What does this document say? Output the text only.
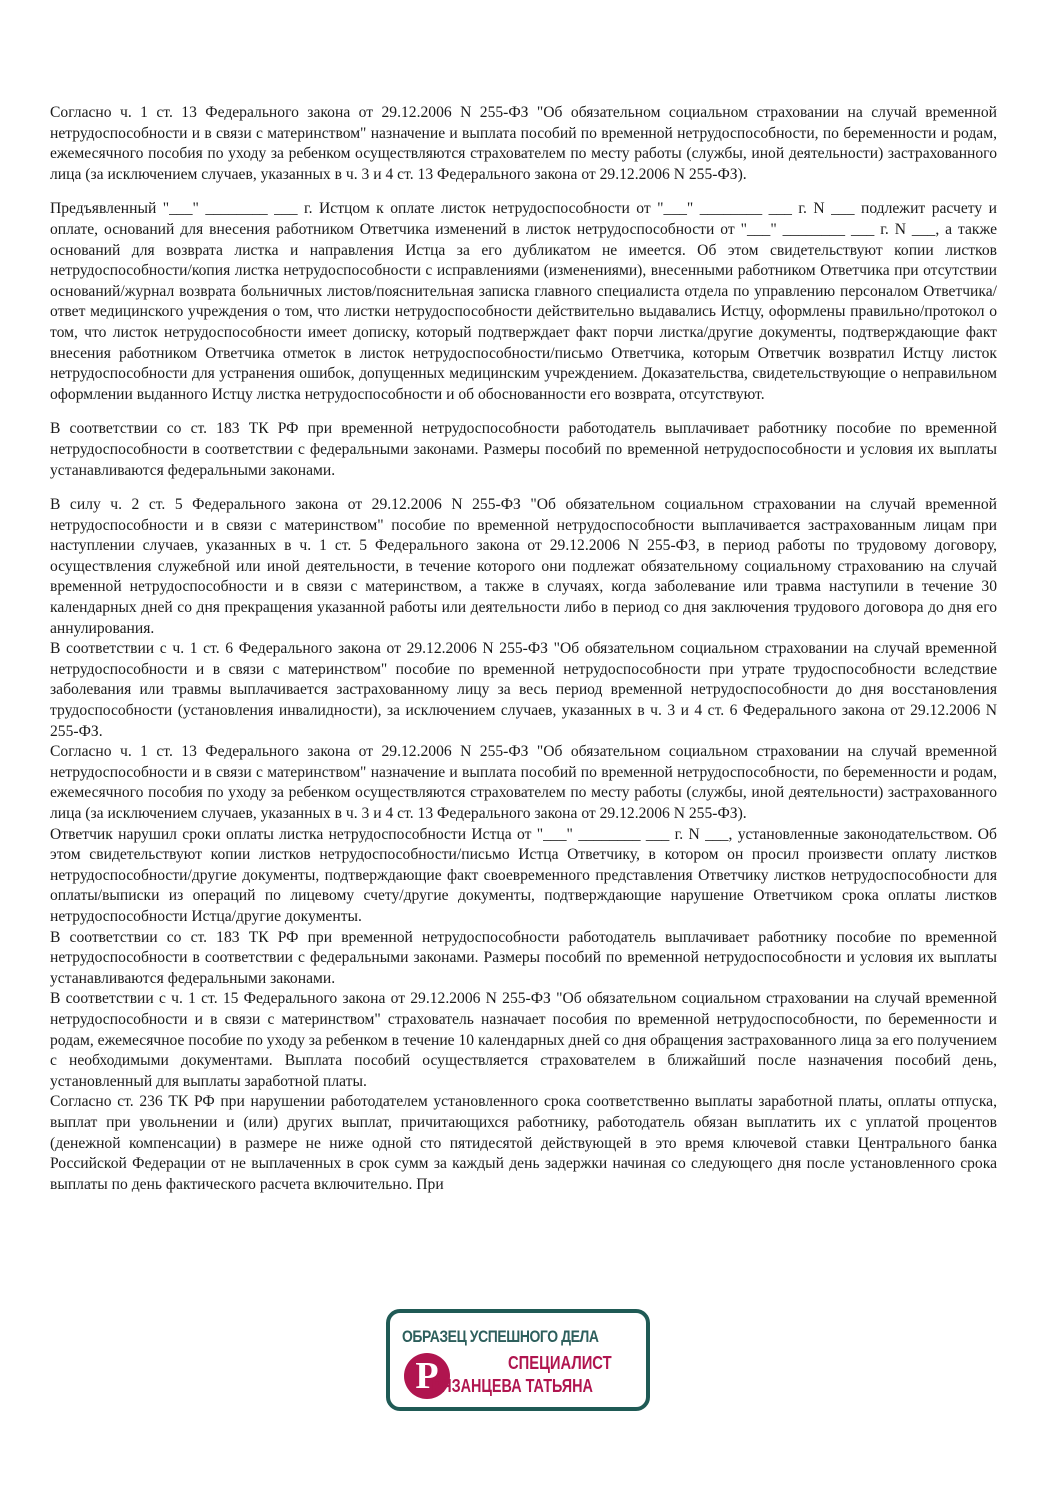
Согласно ч. 1 ст. 13 Федерального закона от 29.12.2006 N 255-ФЗ "Об обязательном социальном страховании на случай временной нетрудоспособности и в связи с материнством" назначение и выплата пособий по временной нетрудоспособности, по беременности и родам, ежемесячного пособия по уходу за ребенком осуществляются страхователем по месту работы (службы, иной деятельности) застрахованного лица (за исключением случаев, указанных в ч. 3 и 4 ст. 13 Федерального закона от 29.12.2006 N 255-ФЗ).

Предъявленный "___" ________ ___ г. Истцом к оплате листок нетрудоспособности от "___" ________ ___ г. N ___ подлежит расчету и оплате, оснований для внесения работником Ответчика изменений в листок нетрудоспособности от "___" ________ ___ г. N ___, а также оснований для возврата листка и направления Истца за его дубликатом не имеется. Об этом свидетельствуют копии листков нетрудоспособности/копия листка нетрудоспособности с исправлениями (изменениями), внесенными работником Ответчика при отсутствии оснований/журнал возврата больничных листов/пояснительная записка главного специалиста отдела по управлению персоналом Ответчика/ответ медицинского учреждения о том, что листки нетрудоспособности действительно выдавались Истцу, оформлены правильно/протокол о том, что листок нетрудоспособности имеет дописку, который подтверждает факт порчи листка/другие документы, подтверждающие факт внесения работником Ответчика отметок в листок нетрудоспособности/письмо Ответчика, которым Ответчик возвратил Истцу листок нетрудоспособности для устранения ошибок, допущенных медицинским учреждением. Доказательства, свидетельствующие о неправильном оформлении выданного Истцу листка нетрудоспособности и об обоснованности его возврата, отсутствуют.

В соответствии со ст. 183 ТК РФ при временной нетрудоспособности работодатель выплачивает работнику пособие по временной нетрудоспособности в соответствии с федеральными законами. Размеры пособий по временной нетрудоспособности и условия их выплаты устанавливаются федеральными законами.

В силу ч. 2 ст. 5 Федерального закона от 29.12.2006 N 255-ФЗ "Об обязательном социальном страховании на случай временной нетрудоспособности и в связи с материнством" пособие по временной нетрудоспособности выплачивается застрахованным лицам при наступлении случаев, указанных в ч. 1 ст. 5 Федерального закона от 29.12.2006 N 255-ФЗ, в период работы по трудовому договору, осуществления служебной или иной деятельности, в течение которого они подлежат обязательному социальному страхованию на случай временной нетрудоспособности и в связи с материнством, а также в случаях, когда заболевание или травма наступили в течение 30 календарных дней со дня прекращения указанной работы или деятельности либо в период со дня заключения трудового договора до дня его аннулирования.

В соответствии с ч. 1 ст. 6 Федерального закона от 29.12.2006 N 255-ФЗ "Об обязательном социальном страховании на случай временной нетрудоспособности и в связи с материнством" пособие по временной нетрудоспособности при утрате трудоспособности вследствие заболевания или травмы выплачивается застрахованному лицу за весь период временной нетрудоспособности до дня восстановления трудоспособности (установления инвалидности), за исключением случаев, указанных в ч. 3 и 4 ст. 6 Федерального закона от 29.12.2006 N 255-ФЗ.

Согласно ч. 1 ст. 13 Федерального закона от 29.12.2006 N 255-ФЗ "Об обязательном социальном страховании на случай временной нетрудоспособности и в связи с материнством" назначение и выплата пособий по временной нетрудоспособности, по беременности и родам, ежемесячного пособия по уходу за ребенком осуществляются страхователем по месту работы (службы, иной деятельности) застрахованного лица (за исключением случаев, указанных в ч. 3 и 4 ст. 13 Федерального закона от 29.12.2006 N 255-ФЗ).

Ответчик нарушил сроки оплаты листка нетрудоспособности Истца от "___" ________ ___ г. N ___, установленные законодательством. Об этом свидетельствуют копии листков нетрудоспособности/письмо Истца Ответчику, в котором он просил произвести оплату листков нетрудоспособности/другие документы, подтверждающие факт своевременного представления Ответчику листков нетрудоспособности для оплаты/выписки из операций по лицевому счету/другие документы, подтверждающие нарушение Ответчиком срока оплаты листков нетрудоспособности Истца/другие документы.

В соответствии со ст. 183 ТК РФ при временной нетрудоспособности работодатель выплачивает работнику пособие по временной нетрудоспособности в соответствии с федеральными законами. Размеры пособий по временной нетрудоспособности и условия их выплаты устанавливаются федеральными законами.

В соответствии с ч. 1 ст. 15 Федерального закона от 29.12.2006 N 255-ФЗ "Об обязательном социальном страховании на случай временной нетрудоспособности и в связи с материнством" страхователь назначает пособия по временной нетрудоспособности, по беременности и родам, ежемесячное пособие по уходу за ребенком в течение 10 календарных дней со дня обращения застрахованного лица за его получением с необходимыми документами. Выплата пособий осуществляется страхователем в ближайший после назначения пособий день, установленный для выплаты заработной платы.

Согласно ст. 236 ТК РФ при нарушении работодателем установленного срока соответственно выплаты заработной платы, оплаты отпуска, выплат при увольнении и (или) других выплат, причитающихся работнику, работодатель обязан выплатить их с уплатой процентов (денежной компенсации) в размере не ниже одной сто пятидесятой действующей в это время ключевой ставки Центрального банка Российской Федерации от не выплаченных в срок сумм за каждый день задержки начиная со следующего дня после установленного срока выплаты по день фактического расчета включительно. При

ОБРАЗЕЦ УСПЕШНОГО ДЕЛА
P	СПЕЦИАЛИСТ
РЯЗАНЦЕВА ТАТЬЯНА
